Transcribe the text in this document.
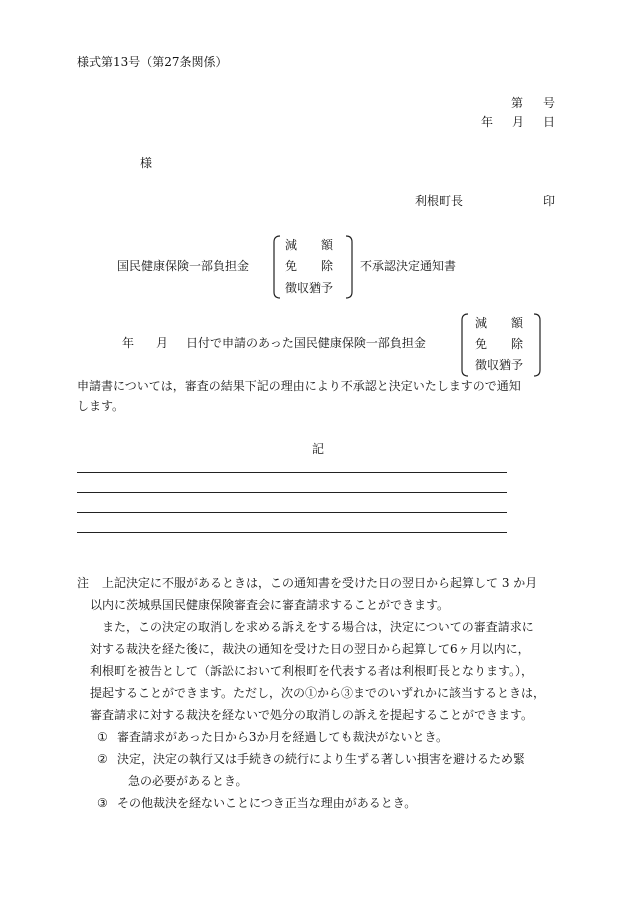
様式第13号（第27条関係）
第 号
年 月 日
様
利根町長	印
国民健康保険一部負担金
減　　額
免　　除
徴収猶予
不承認決定通知書
年 月 日付で申請のあった国民健康保険一部負担金
減　　額
免　　除
徴収猶予
申請書については，審査の結果下記の理由により不承認と決定いたしますので通知
します。
記
注 上記決定に不服があるときは，この通知書を受けた日の翌日から起算して 3 か月
以内に茨城県国民健康保険審査会に審査請求することができます。
また，この決定の取消しを求める訴えをする場合は，決定についての審査請求に
対する裁決を経た後に，裁決の通知を受けた日の翌日から起算して6ヶ月以内に，
利根町を被告として（訴訟において利根町を代表する者は利根町長となります。），
提起することができます。ただし，次の①から③までのいずれかに該当するときは，
審査請求に対する裁決を経ないで処分の取消しの訴えを提起することができます。
① 審査請求があった日から3か月を経過しても裁決がないとき。
② 決定，決定の執行又は手続きの続行により生ずる著しい損害を避けるため緊
急の必要があるとき。
③ その他裁決を経ないことにつき正当な理由があるとき。
